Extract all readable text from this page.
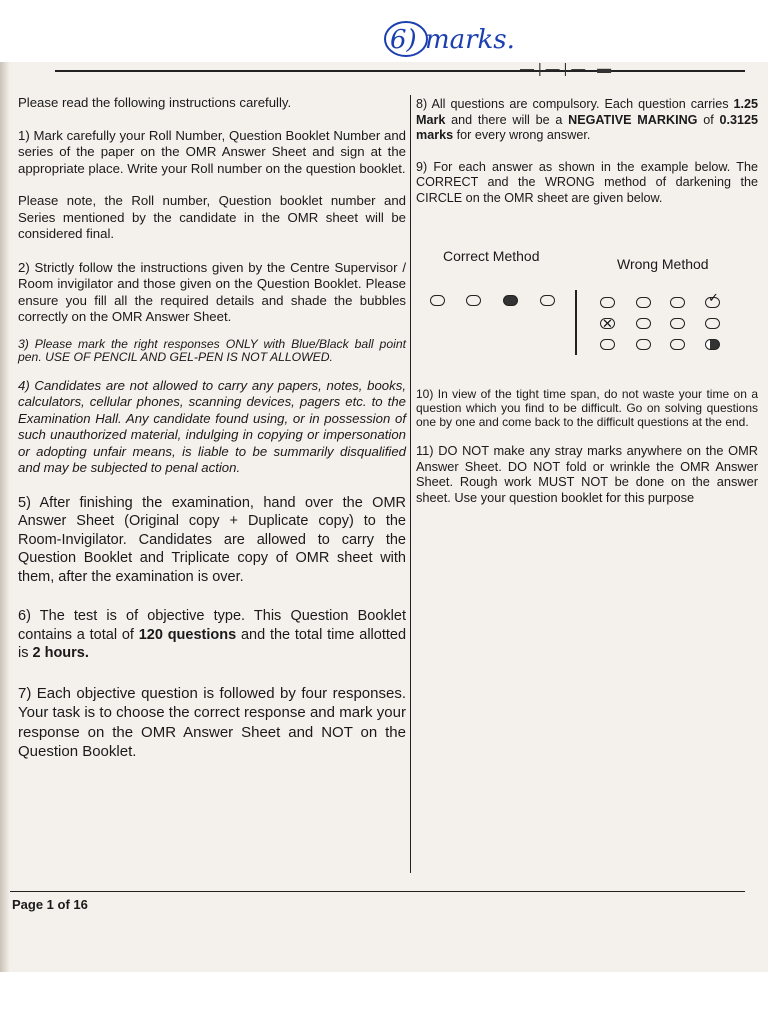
6) marks.
—|—|— ▬

Please read the following instructions carefully.

1) Mark carefully your Roll Number, Question Booklet Number and series of the paper on the OMR Answer Sheet and sign at the appropriate place. Write your Roll number on the question booklet.

Please note, the Roll number, Question booklet number and Series mentioned by the candidate in the OMR sheet will be considered final.

2) Strictly follow the instructions given by the Centre Supervisor / Room invigilator and those given on the Question Booklet. Please ensure you fill all the required details and shade the bubbles correctly on the OMR Answer Sheet.

3) Please mark the right responses ONLY with Blue/Black ball point pen. USE OF PENCIL AND GEL-PEN IS NOT ALLOWED.

4) Candidates are not allowed to carry any papers, notes, books, calculators, cellular phones, scanning devices, pagers etc. to the Examination Hall. Any candidate found using, or in possession of such unauthorized material, indulging in copying or impersonation or adopting unfair means, is liable to be summarily disqualified and may be subjected to penal action.

5) After finishing the examination, hand over the OMR Answer Sheet (Original copy + Duplicate copy) to the Room-Invigilator. Candidates are allowed to carry the Question Booklet and Triplicate copy of OMR sheet with them, after the examination is over.

6) The test is of objective type. This Question Booklet contains a total of 120 questions and the total time allotted is 2 hours.

7) Each objective question is followed by four responses. Your task is to choose the correct response and mark your response on the OMR Answer Sheet and NOT on the Question Booklet.

8) All questions are compulsory. Each question carries 1.25 Mark and there will be a NEGATIVE MARKING of 0.3125 marks for every wrong answer.

9) For each answer as shown in the example below. The CORRECT and the WRONG method of darkening the CIRCLE on the OMR sheet are given below.

Correct Method	Wrong Method
✓
✕

10) In view of the tight time span, do not waste your time on a question which you find to be difficult. Go on solving questions one by one and come back to the difficult questions at the end.

11) DO NOT make any stray marks anywhere on the OMR Answer Sheet. DO NOT fold or wrinkle the OMR Answer Sheet. Rough work MUST NOT be done on the answer sheet. Use your question booklet for this purpose

Page 1 of 16
